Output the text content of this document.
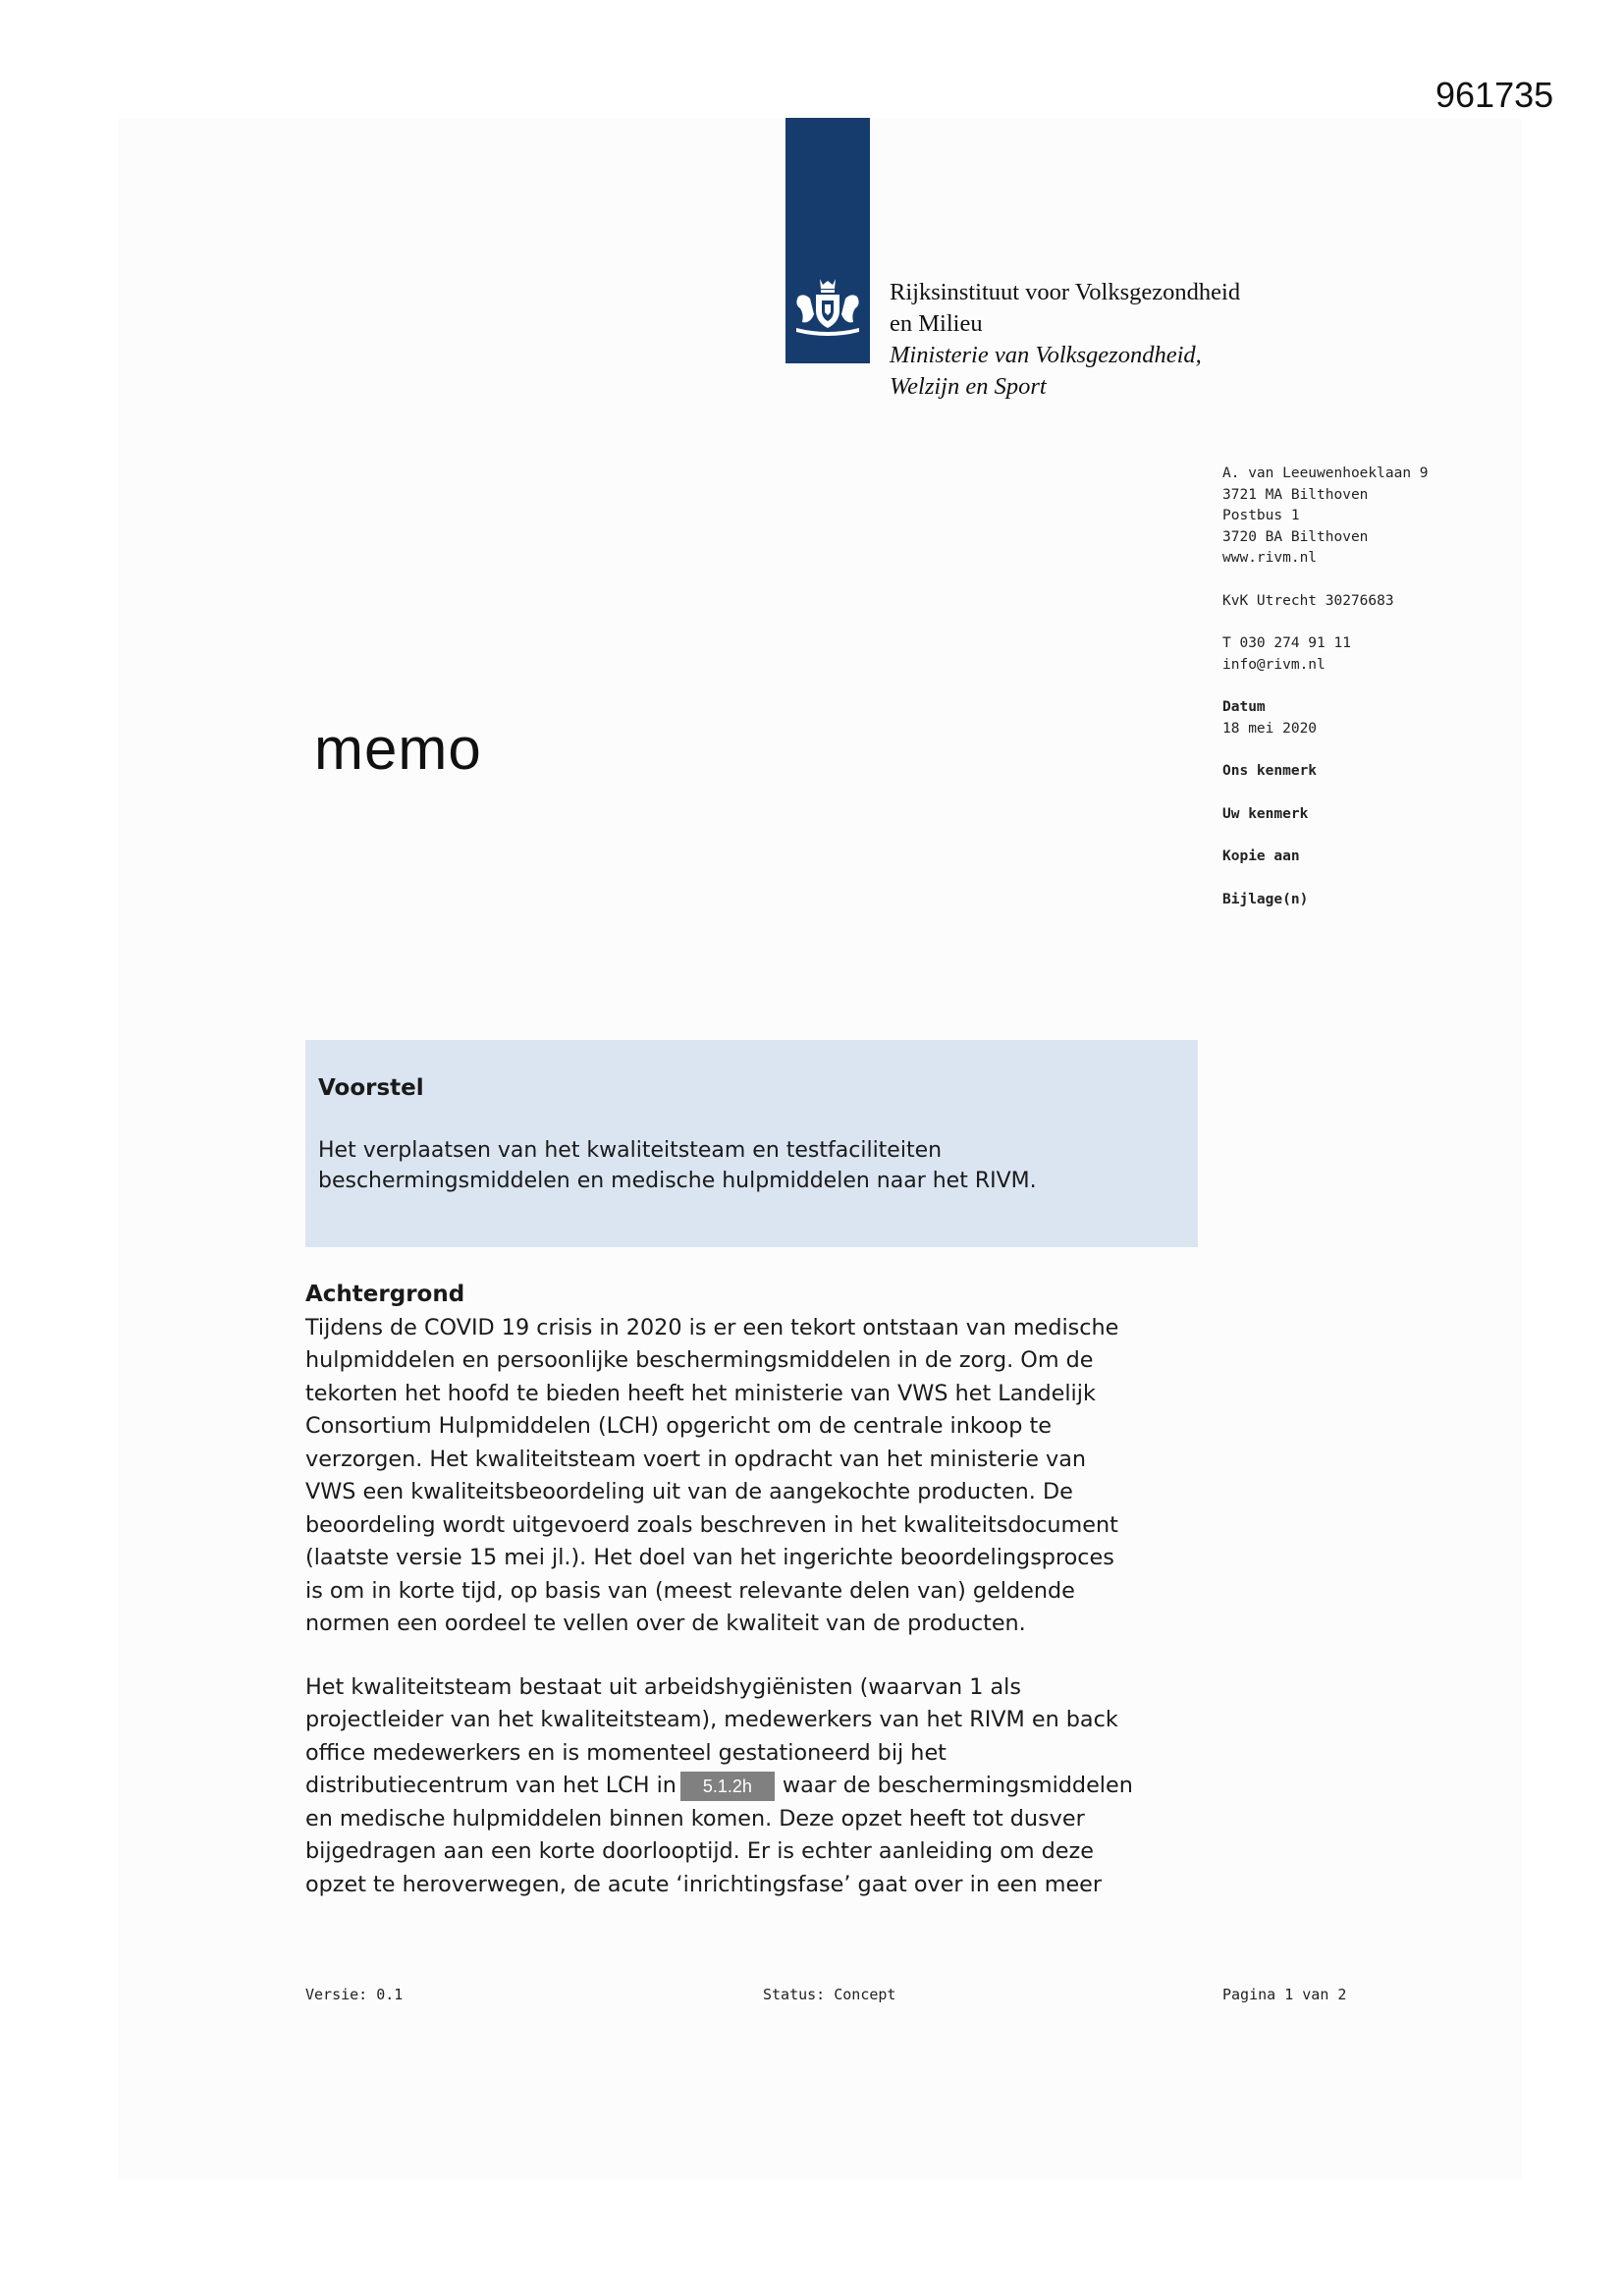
961735
Rijksinstituut voor Volksgezondheid
en Milieu
Ministerie van Volksgezondheid,
Welzijn en Sport
A. van Leeuwenhoeklaan 9
3721 MA Bilthoven
Postbus 1
3720 BA Bilthoven
www.rivm.nl
KvK Utrecht 30276683
T 030 274 91 11
info@rivm.nl
Datum
18 mei 2020
Ons kenmerk
Uw kenmerk
Kopie aan
Bijlage(n)
memo
Voorstel
Het verplaatsen van het kwaliteitsteam en testfaciliteiten
beschermingsmiddelen en medische hulpmiddelen naar het RIVM.
Achtergrond
Tijdens de COVID 19 crisis in 2020 is er een tekort ontstaan van medische
hulpmiddelen en persoonlijke beschermingsmiddelen in de zorg. Om de
tekorten het hoofd te bieden heeft het ministerie van VWS het Landelijk
Consortium Hulpmiddelen (LCH) opgericht om de centrale inkoop te
verzorgen. Het kwaliteitsteam voert in opdracht van het ministerie van
VWS een kwaliteitsbeoordeling uit van de aangekochte producten. De
beoordeling wordt uitgevoerd zoals beschreven in het kwaliteitsdocument
(laatste versie 15 mei jl.). Het doel van het ingerichte beoordelingsproces
is om in korte tijd, op basis van (meest relevante delen van) geldende
normen een oordeel te vellen over de kwaliteit van de producten.
Het kwaliteitsteam bestaat uit arbeidshygiënisten (waarvan 1 als
projectleider van het kwaliteitsteam), medewerkers van het RIVM en back
office medewerkers en is momenteel gestationeerd bij het
distributiecentrum van het LCH in 5.1.2h waar de beschermingsmiddelen
en medische hulpmiddelen binnen komen. Deze opzet heeft tot dusver
bijgedragen aan een korte doorlooptijd. Er is echter aanleiding om deze
opzet te heroverwegen, de acute ‘inrichtingsfase’ gaat over in een meer
Versie: 0.1	Status: Concept	Pagina 1 van 2
